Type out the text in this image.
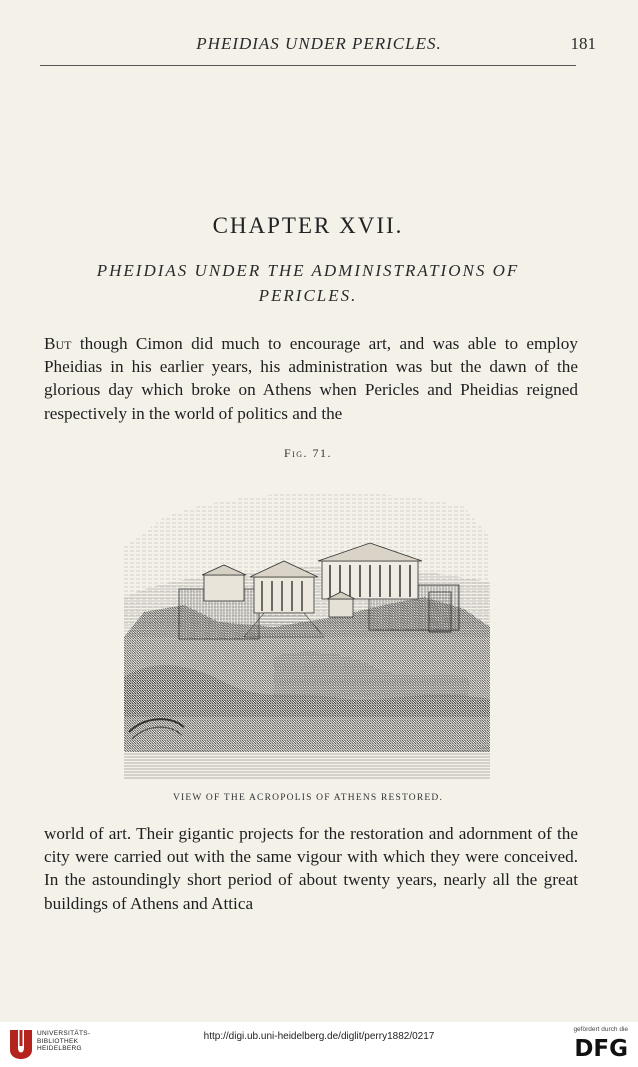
PHEIDIAS UNDER PERICLES.	181
CHAPTER XVII.
PHEIDIAS UNDER THE ADMINISTRATIONS OF
PERICLES.
But though Cimon did much to encourage art, and was able to employ Pheidias in his earlier years, his administration was but the dawn of the glorious day which broke on Athens when Pericles and Pheidias reigned respectively in the world of politics and the
Fig. 71.
VIEW OF THE ACROPOLIS OF ATHENS RESTORED.
world of art. Their gigantic projects for the restoration and adornment of the city were carried out with the same vigour with which they were conceived. In the astoundingly short period of about twenty years, nearly all the great buildings of Athens and Attica
UNIVERSITÄTS-
BIBLIOTHEK
HEIDELBERG
http://digi.ub.uni-heidelberg.de/diglit/perry1882/0217
gefördert durch die
DFG
